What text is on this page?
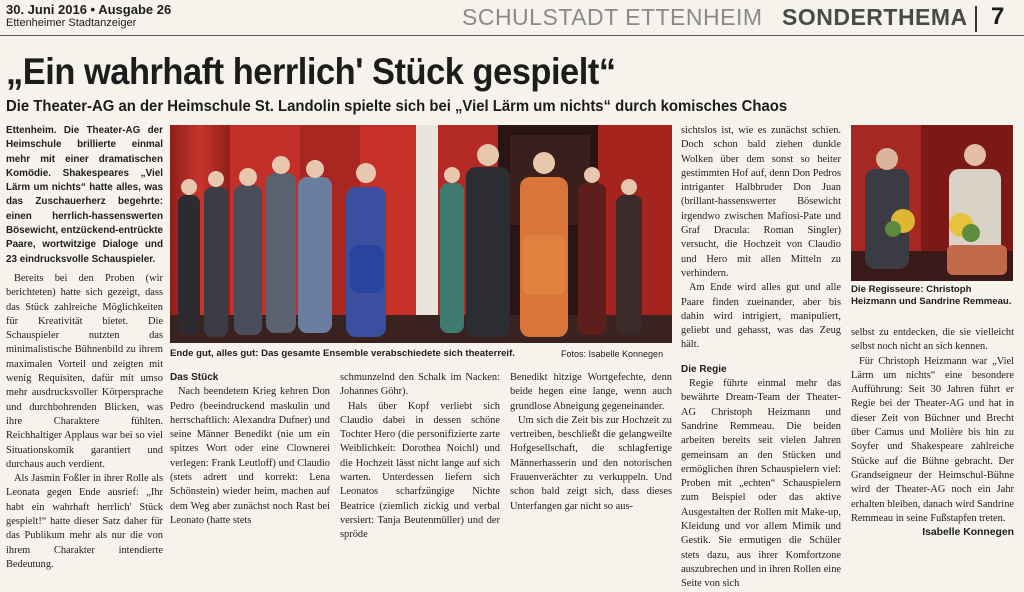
30. Juni 2016 • Ausgabe 26
Ettenheimer Stadtanzeiger	SCHULSTADT ETTENHEIM SONDERTHEMA 7
„Ein wahrhaft herrlich' Stück gespielt“
Die Theater-AG an der Heimschule St. Landolin spielte sich bei „Viel Lärm um nichts“ durch komisches Chaos

Ettenheim. Die Theater-AG der Heimschule brillierte einmal mehr mit einer dramatischen Komödie. Shakespeares „Viel Lärm um nichts“ hatte alles, was das Zuschauerherz begehrte: einen herrlich-hassenswerten Bösewicht, entzückend-entrückte Paare, wortwitzige Dialoge und 23 eindrucksvolle Schauspieler.

Bereits bei den Proben (wir berichteten) hatte sich gezeigt, dass das Stück zahlreiche Möglichkeiten für Kreativität bietet. Die Schauspieler nutzten das minimalistische Bühnenbild zu ihrem maximalen Vorteil und zeigten mit wenig Requisiten, dafür mit umso mehr ausdrucksvoller Körpersprache und durchbohrenden Blicken, was ihre Charaktere fühlten. Reichhaltiger Applaus war bei so viel Situationskomik garantiert und durchaus auch verdient.

Als Jasmin Foßler in ihrer Rolle als Leonata gegen Ende ausrief: „Ihr habt ein wahrhaft herrlich' Stück gespielt!“ hatte dieser Satz daher für das Publikum mehr als nur die von ihrem Charakter intendierte Bedeutung.

Ende gut, alles gut: Das gesamte Ensemble verabschiedete sich theaterreif.	Fotos: Isabelle Konnegen

Das Stück

Nach beendetem Krieg kehren Don Pedro (beeindruckend maskulin und herrschaftlich: Alexandra Dufner) und seine Männer Benedikt (nie um ein spitzes Wort oder eine Clownerei verlegen: Frank Leutloff) und Claudio (stets adrett und korrekt: Lena Schönstein) wieder heim, machen auf dem Weg aber zunächst noch Rast bei Leonato (hatte stets

schmunzelnd den Schalk im Nacken: Johannes Göhr).

Hals über Kopf verliebt sich Claudio dabei in dessen schöne Tochter Hero (die personifizierte zarte Weiblichkeit: Dorothea Noichl) und die Hochzeit lässt nicht lange auf sich warten. Unterdessen liefern sich Leonatos scharfzüngige Nichte Beatrice (ziemlich zickig und verbal versiert: Tanja Beutenmüller) und der spröde

Benedikt hitzige Wortgefechte, denn beide hegen eine lange, wenn auch grundlose Abneigung gegeneinander.

Um sich die Zeit bis zur Hochzeit zu vertreiben, beschließt die gelangweilte Hofgesellschaft, die schlagfertige Männerhasserin und den notorischen Frauenverächter zu verkuppeln. Und schon bald zeigt sich, dass dieses Unterfangen gar nicht so aus-

sichtslos ist, wie es zunächst schien. Doch schon bald ziehen dunkle Wolken über dem sonst so heiter gestimmten Hof auf, denn Don Pedros intriganter Halbbruder Don Juan (brillant-hassenswerter Bösewicht irgendwo zwischen Mafiosi-Pate und Graf Dracula: Roman Singler) versucht, die Hochzeit von Claudio und Hero mit allen Mitteln zu verhindern.

Am Ende wird alles gut und alle Paare finden zueinander, aber bis dahin wird intrigiert, manipuliert, geliebt und gehasst, was das Zeug hält.

Die Regie

Regie führte einmal mehr das bewährte Dream-Team der Theater-AG Christoph Heizmann und Sandrine Remmeau. Die beiden arbeiten bereits seit vielen Jahren gemeinsam an den Stücken und ermöglichen ihren Schauspielern viel: Proben mit „echten“ Schauspielern zum Beispiel oder das aktive Ausgestalten der Rollen mit Make-up, Kleidung und vor allem Mimik und Gestik. Sie ermutigen die Schüler stets dazu, aus ihrer Komfortzone auszubrechen und in ihren Rollen eine Seite von sich

Die Regisseure: Christoph Heizmann und Sandrine Remmeau.

selbst zu entdecken, die sie vielleicht selbst noch nicht an sich kennen.

Für Christoph Heizmann war „Viel Lärm um nichts“ eine besondere Aufführung: Seit 30 Jahren führt er Regie bei der Theater-AG und hat in dieser Zeit von Büchner und Brecht über Camus und Molière bis hin zu Soyfer und Shakespeare zahlreiche Stücke auf die Bühne gebracht. Der Grandseigneur der Heimschul-Bühne wird der Theater-AG noch ein Jahr erhalten bleiben, danach wird Sandrine Remmeau in seine Fußstapfen treten.

Isabelle Konnegen
